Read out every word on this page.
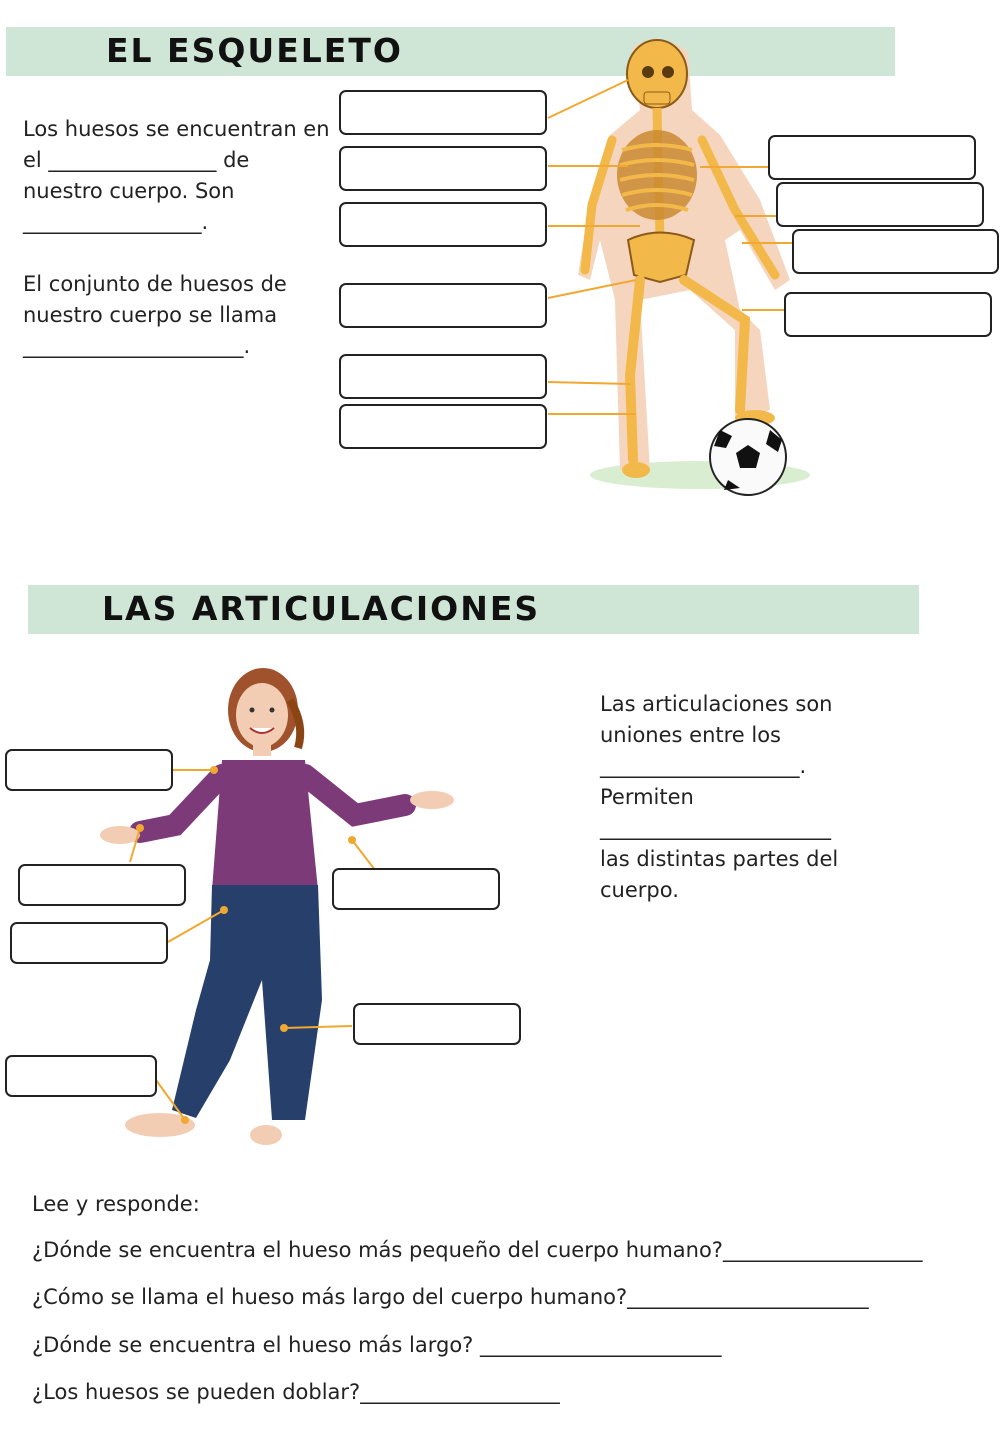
EL ESQUELETO
Los huesos se encuentran en
el ________________ de
nuestro cuerpo. Son
_________________.
El conjunto de huesos de
nuestro cuerpo se llama
_____________________.
LAS ARTICULACIONES
Las articulaciones son
uniones entre los
___________________.
Permiten
______________________
las distintas partes del
cuerpo.
Lee y responde:
¿Dónde se encuentra el hueso más pequeño del cuerpo humano?___________________
¿Cómo se llama el hueso más largo del cuerpo humano?_______________________
¿Dónde se encuentra el hueso más largo? _______________________
¿Los huesos se pueden doblar?___________________
